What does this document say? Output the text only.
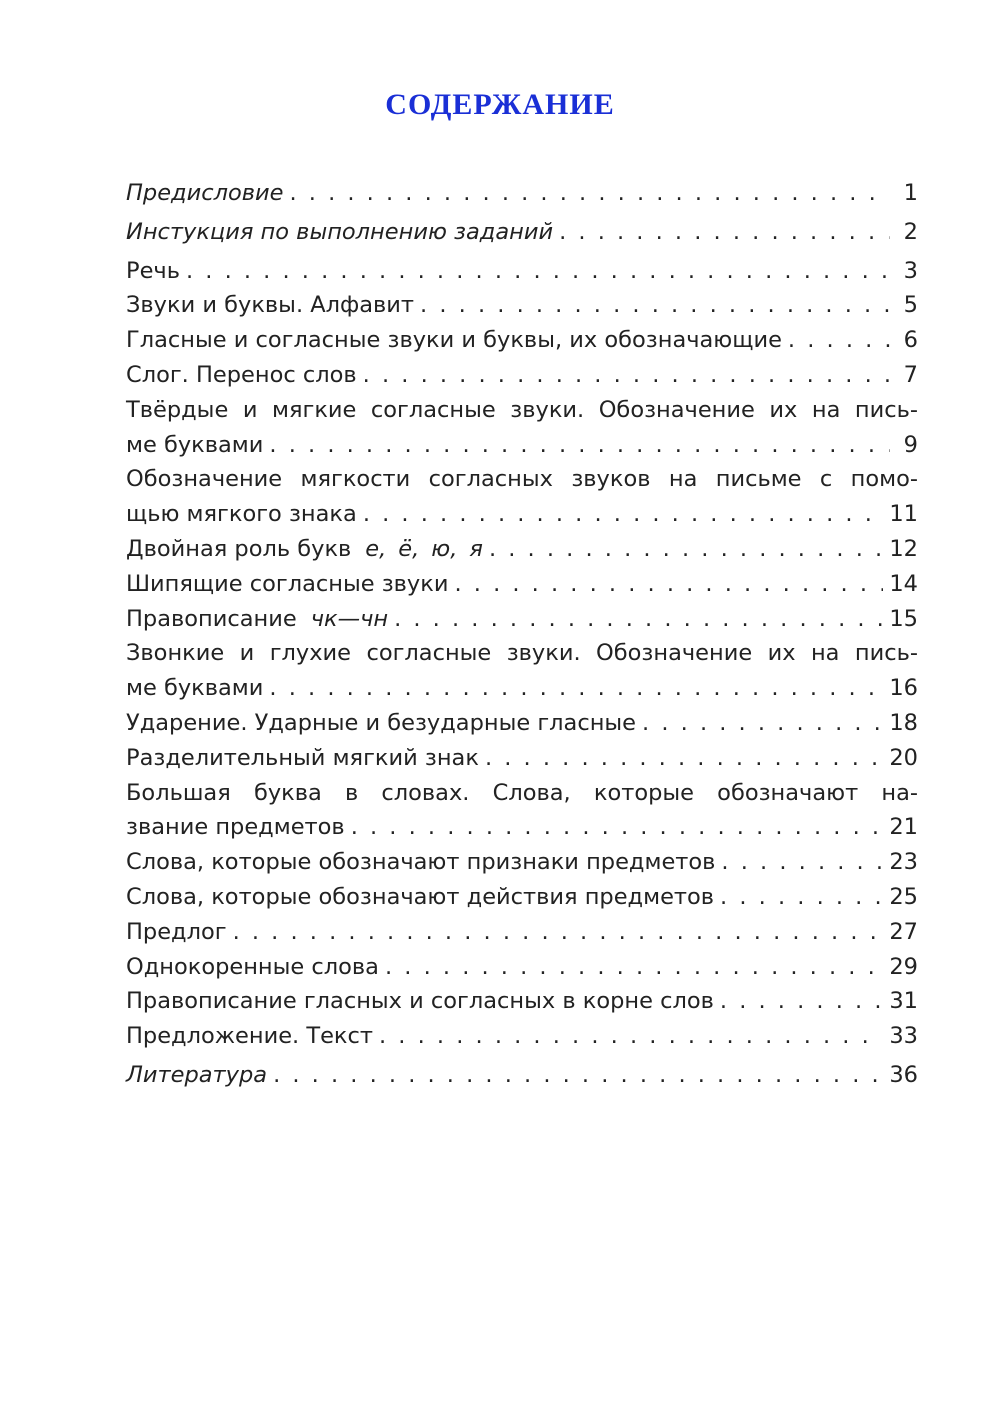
СОДЕРЖАНИЕ
Предисловие . . .	1
Инстукция по выполнению заданий . . .	2
Речь . . .	3
Звуки и буквы. Алфавит . . .	5
Гласные и согласные звуки и буквы, их обозначающие . . .	6
Слог. Перенос слов . . .	7
Твёрдые и мягкие согласные звуки. Обозначение их на пись-
ме буквами . . .	9
Обозначение мягкости согласных звуков на письме с помо-
щью мягкого знака . . .	11
Двойная роль букв е, ё, ю, я . . .	12
Шипящие согласные звуки . . .	14
Правописание чк—чн . . .	15
Звонкие и глухие согласные звуки. Обозначение их на пись-
ме буквами . . .	16
Ударение. Ударные и безударные гласные . . .	18
Разделительный мягкий знак . . .	20
Большая буква в словах. Слова, которые обозначают на-
звание предметов . . .	21
Слова, которые обозначают признаки предметов . . .	23
Слова, которые обозначают действия предметов . . .	25
Предлог . . .	27
Однокоренные слова . . .	29
Правописание гласных и согласных в корне слов . . .	31
Предложение. Текст . . .	33
Литература . . .	36
